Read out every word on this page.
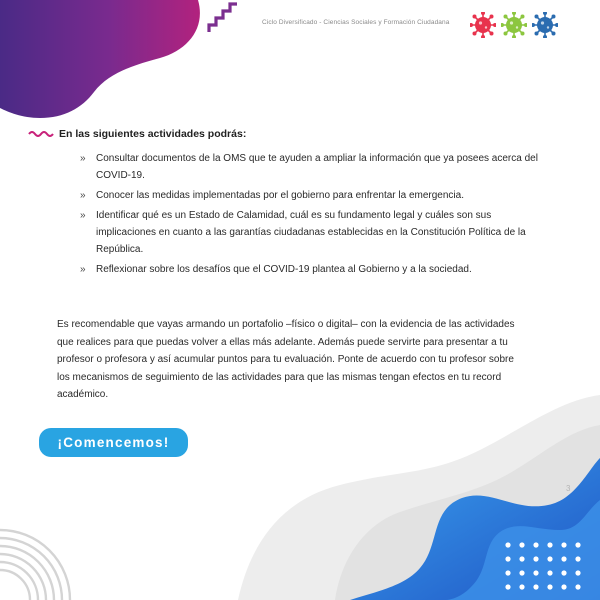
Ciclo Diversificado - Ciencias Sociales y Formación Ciudadana
En las siguientes actividades podrás:
» Consultar documentos de la OMS que te ayuden a ampliar la información que ya posees acerca del COVID-19.
» Conocer las medidas implementadas por el gobierno para enfrentar la emergencia.
» Identificar qué es un Estado de Calamidad, cuál es su fundamento legal y cuáles son sus implicaciones en cuanto a las garantías ciudadanas establecidas en la Constitución Política de la República.
» Reflexionar sobre los desafíos que el COVID-19 plantea al Gobierno y a la sociedad.
Es recomendable que vayas armando un portafolio –físico o digital– con la evidencia de las actividades que realices para que puedas volver a ellas más adelante. Además puede servirte para presentar a tu profesor o profesora y así acumular puntos para tu evaluación. Ponte de acuerdo con tu profesor sobre los mecanismos de seguimiento de las actividades para que las mismas tengan efectos en tu record académico.
¡Comencemos!
3
